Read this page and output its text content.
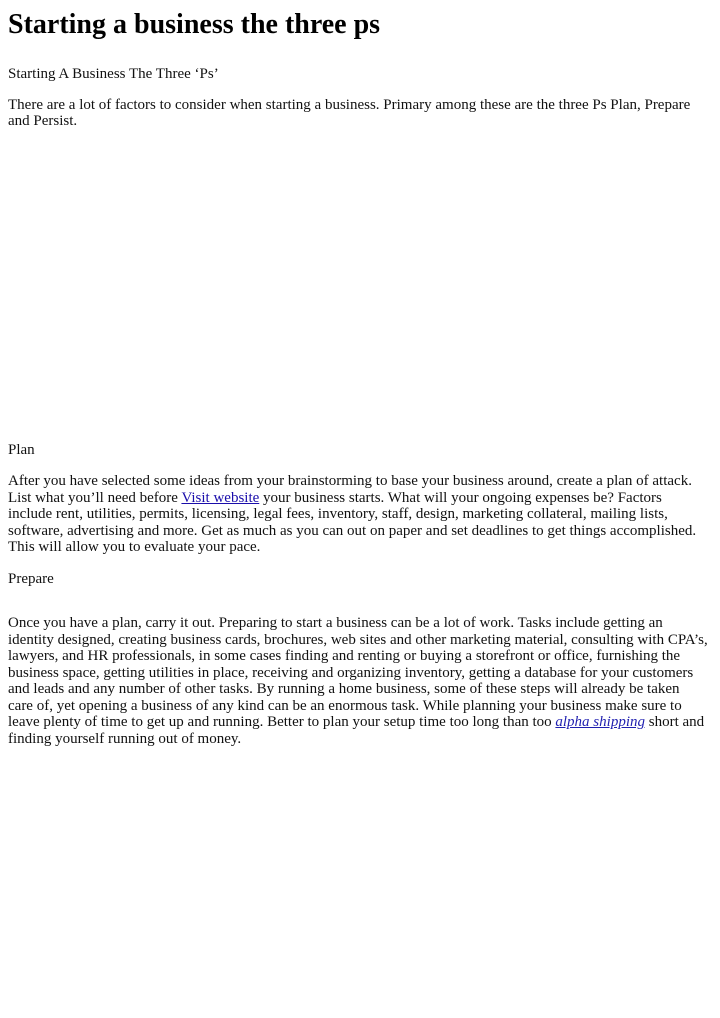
Starting a business the three ps

Starting A Business The Three ‘Ps’

There are a lot of factors to consider when starting a business. Primary among these are the three Ps Plan, Prepare and Persist.

Plan

After you have selected some ideas from your brainstorming to base your business around, create a plan of attack. List what you’ll need before Visit website your business starts. What will your ongoing expenses be? Factors include rent, utilities, permits, licensing, legal fees, inventory, staff, design, marketing collateral, mailing lists, software, advertising and more. Get as much as you can out on paper and set deadlines to get things accomplished. This will allow you to evaluate your pace.

Prepare

Once you have a plan, carry it out. Preparing to start a business can be a lot of work. Tasks include getting an identity designed, creating business cards, brochures, web sites and other marketing material, consulting with CPA’s, lawyers, and HR professionals, in some cases finding and renting or buying a storefront or office, furnishing the business space, getting utilities in place, receiving and organizing inventory, getting a database for your customers and leads and any number of other tasks. By running a home business, some of these steps will already be taken care of, yet opening a business of any kind can be an enormous task. While planning your business make sure to leave plenty of time to get up and running. Better to plan your setup time too long than too alpha shipping short and finding yourself running out of money.
